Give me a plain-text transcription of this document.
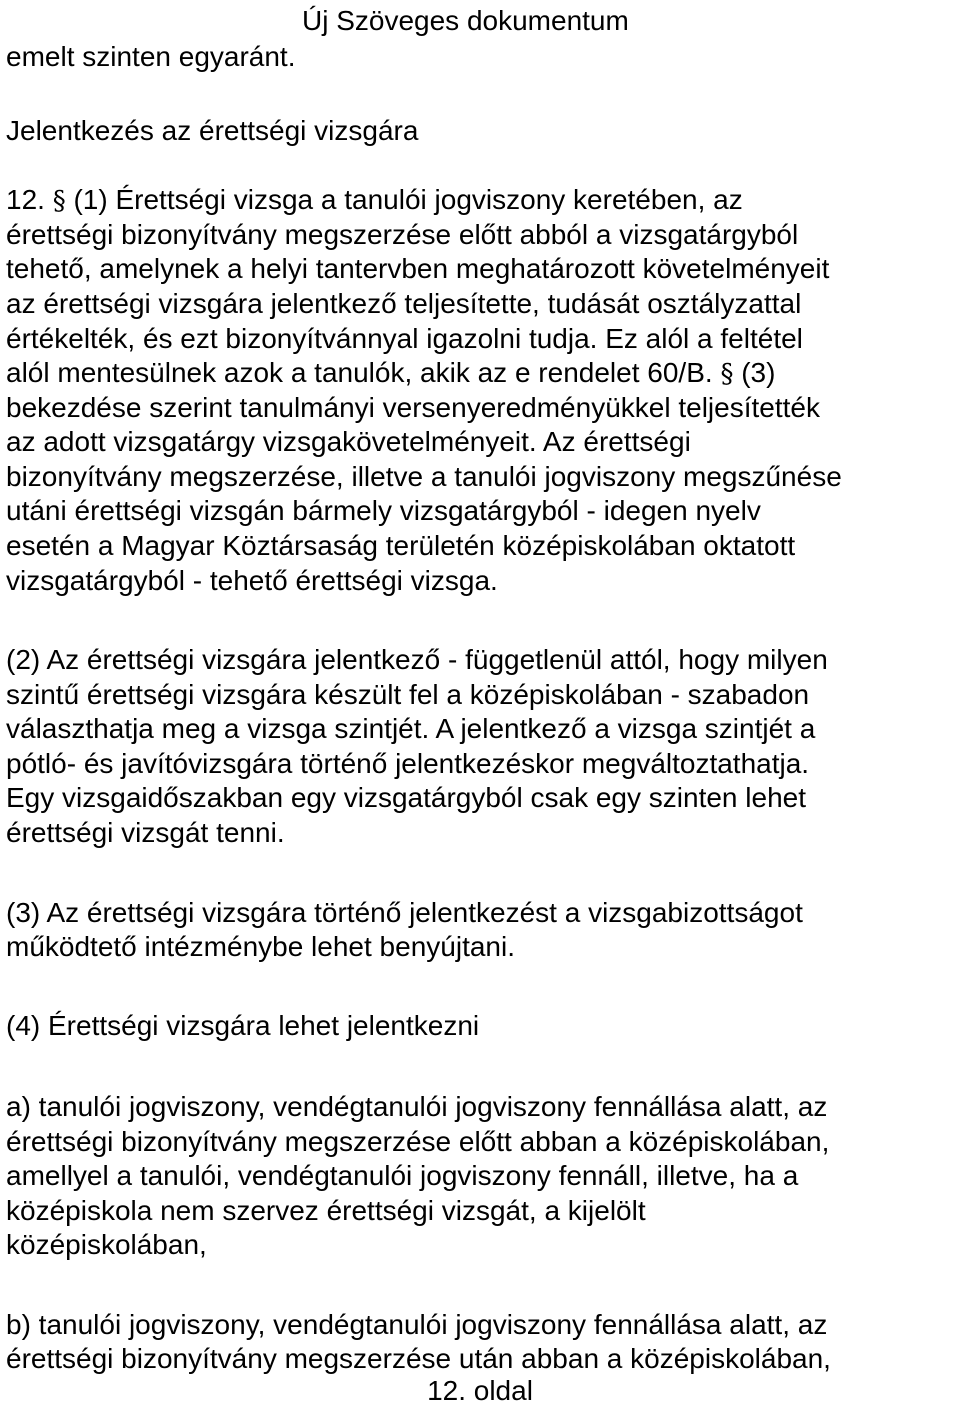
Új Szöveges dokumentum
emelt szinten egyaránt.
Jelentkezés az érettségi vizsgára
12. § (1) Érettségi vizsga a tanulói jogviszony keretében, az
érettségi bizonyítvány megszerzése előtt abból a vizsgatárgyból
tehető, amelynek a helyi tantervben meghatározott követelményeit
az érettségi vizsgára jelentkező teljesítette, tudását osztályzattal
értékelték, és ezt bizonyítvánnyal igazolni tudja. Ez alól a feltétel
alól mentesülnek azok a tanulók, akik az e rendelet 60/B. § (3)
bekezdése szerint tanulmányi versenyeredményükkel teljesítették
az adott vizsgatárgy vizsgakövetelményeit. Az érettségi
bizonyítvány megszerzése, illetve a tanulói jogviszony megszűnése
utáni érettségi vizsgán bármely vizsgatárgyból - idegen nyelv
esetén a Magyar Köztársaság területén középiskolában oktatott
vizsgatárgyból - tehető érettségi vizsga.
(2) Az érettségi vizsgára jelentkező - függetlenül attól, hogy milyen
szintű érettségi vizsgára készült fel a középiskolában - szabadon
választhatja meg a vizsga szintjét. A jelentkező a vizsga szintjét a
pótló- és javítóvizsgára történő jelentkezéskor megváltoztathatja.
Egy vizsgaidőszakban egy vizsgatárgyból csak egy szinten lehet
érettségi vizsgát tenni.
(3) Az érettségi vizsgára történő jelentkezést a vizsgabizottságot
működtető intézménybe lehet benyújtani.
(4) Érettségi vizsgára lehet jelentkezni
a) tanulói jogviszony, vendégtanulói jogviszony fennállása alatt, az
érettségi bizonyítvány megszerzése előtt abban a középiskolában,
amellyel a tanulói, vendégtanulói jogviszony fennáll, illetve, ha a
középiskola nem szervez érettségi vizsgát, a kijelölt
középiskolában,
b) tanulói jogviszony, vendégtanulói jogviszony fennállása alatt, az
érettségi bizonyítvány megszerzése után abban a középiskolában,
12. oldal
